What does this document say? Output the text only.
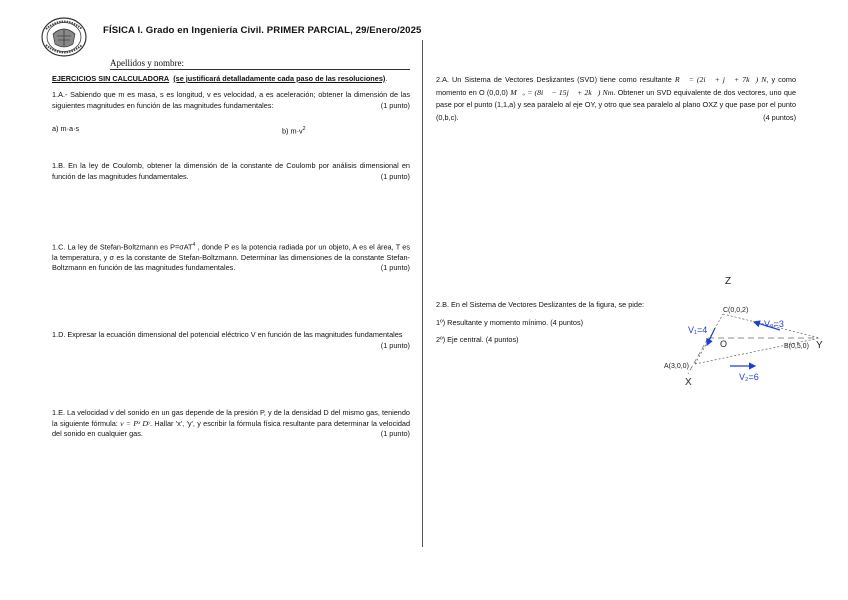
FÍSICA I. Grado en Ingeniería Civil. PRIMER PARCIAL, 29/Enero/2025
Apellidos y nombre:
EJERCICIOS SIN CALCULADORA (se justificará detalladamente cada paso de las resoluciones).
1.A.- Sabiendo que m es masa, s es longitud, v es velocidad, a es aceleración; obtener la dimensión de las siguientes magnitudes en función de las magnitudes fundamentales:	(1 punto)
a) m·a·s	b) $m\cdot v^2$
1.B. En la ley de Coulomb, obtener la dimensión de la constante de Coulomb por análisis dimensional en función de las magnitudes fundamentales.	(1 punto)
1.C. La ley de Stefan-Boltzmann es P=σAT$^4$ , donde P es la potencia radiada por un objeto, A es el área, T es la temperatura, y σ es la constante de Stefan-Boltzmann. Determinar las dimensiones de la constante Stefan-Boltzmann en función de las magnitudes fundamentales.	(1 punto)
1.D. Expresar la ecuación dimensional del potencial eléctrico V en función de las magnitudes fundamentales
(1 punto)
1.E. La velocidad v del sonido en un gas depende de la presión P, y de la densidad D del mismo gas, teniendo la siguiente fórmula: v = Pˣ Dʸ. Hallar 'x', 'y', y escribir la fórmula física resultante para determinar la velocidad del sonido en cualquier gas.	(1 punto)
2.A. Un Sistema de Vectores Deslizantes (SVD) tiene como resultante R⃗ = (2i⃗ + j⃗ + 7k⃗) N, y como momento en O (0,0,0) M⃗ₒ = (8i⃗ − 15j⃗ + 2k⃗) Nm. Obtener un SVD equivalente de dos vectores, uno que pase por el punto (1,1,a) y sea paralelo al eje OY, y otro que sea paralelo al plano OXZ y que pase por el punto (0,b,c).	(4 puntos)
2.B. En el Sistema de Vectores Deslizantes de la figura, se pide:
1º) Resultante y momento mínimo. (4 puntos)
2º) Eje central. (4 puntos)
Z
C(0,0,2)
V₁=4
V₃=3
O	B(0,5,0) Y
A(3,0,0)
V₂=6
X
